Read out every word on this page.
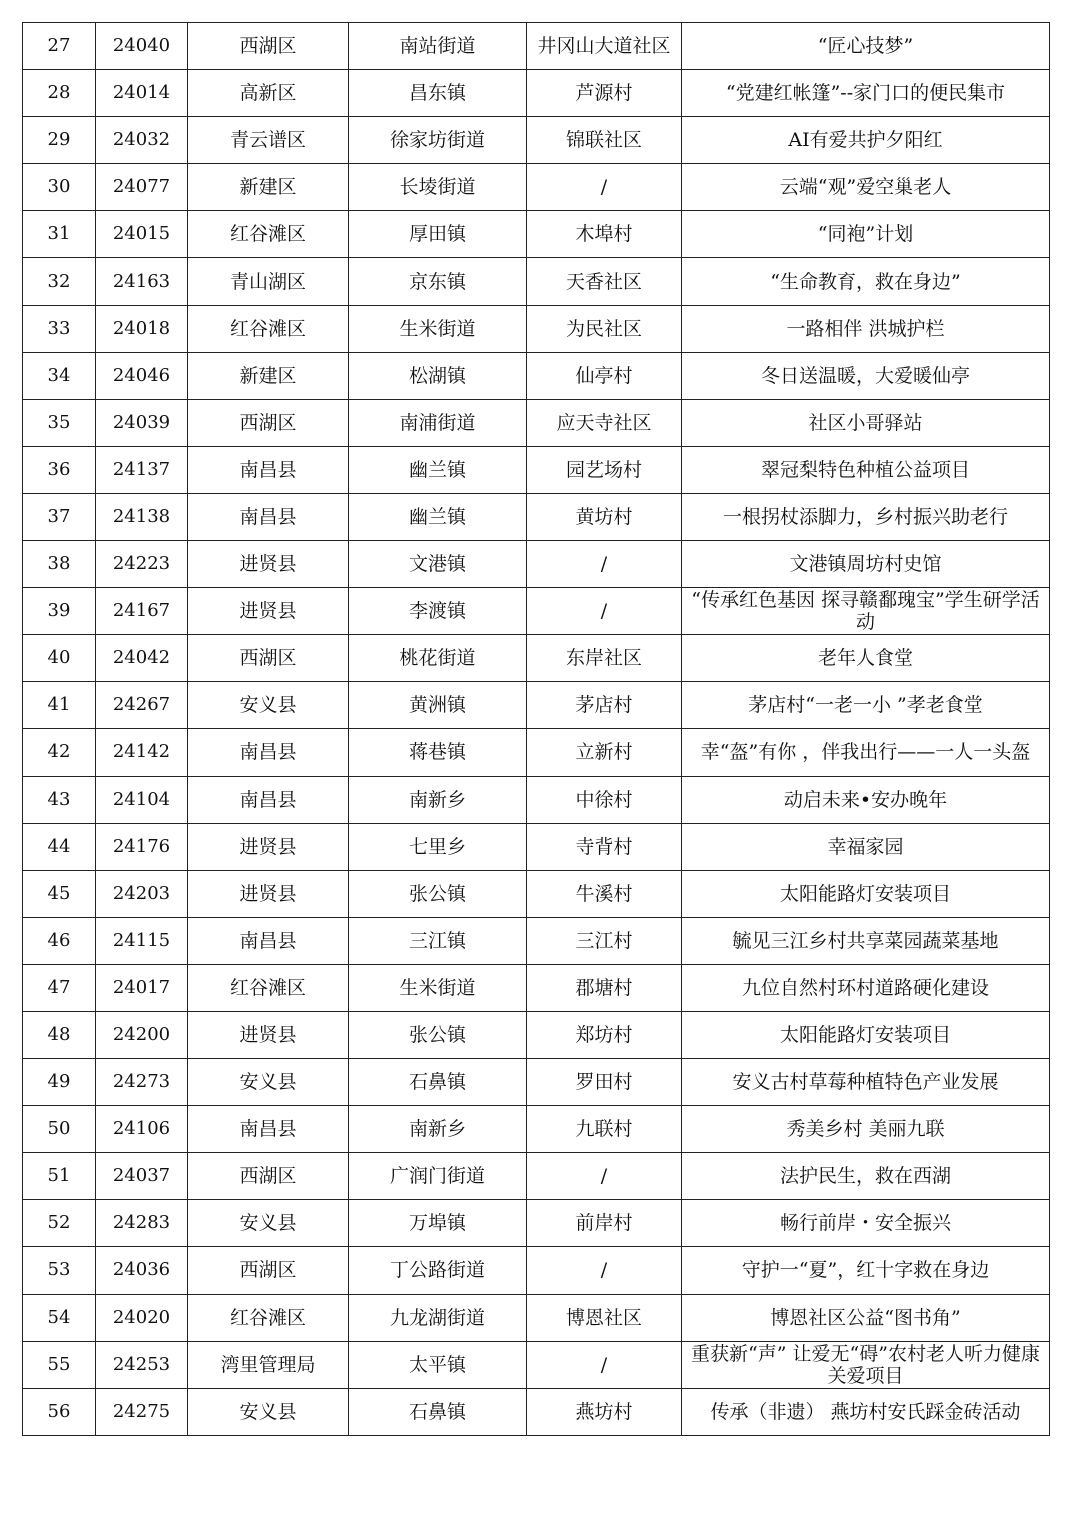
27	24040	西湖区	南站街道	井冈山大道社区	“匠心技梦”
28	24014	高新区	昌东镇	芦源村	“党建红帐篷”--家门口的便民集市
29	24032	青云谱区	徐家坊街道	锦联社区	AI有爱共护夕阳红
30	24077	新建区	长堎街道	/	云端“观”爱空巢老人
31	24015	红谷滩区	厚田镇	木埠村	“同袍”计划
32	24163	青山湖区	京东镇	天香社区	“生命教育，救在身边”
33	24018	红谷滩区	生米街道	为民社区	一路相伴 洪城护栏
34	24046	新建区	松湖镇	仙亭村	冬日送温暖，大爱暖仙亭
35	24039	西湖区	南浦街道	应天寺社区	社区小哥驿站
36	24137	南昌县	幽兰镇	园艺场村	翠冠梨特色种植公益项目
37	24138	南昌县	幽兰镇	黄坊村	一根拐杖添脚力，乡村振兴助老行
38	24223	进贤县	文港镇	/	文港镇周坊村史馆
39	24167	进贤县	李渡镇	/	“传承红色基因 探寻赣鄱瑰宝”学生研学活动
40	24042	西湖区	桃花街道	东岸社区	老年人食堂
41	24267	安义县	黄洲镇	茅店村	茅店村“一老一小 ”孝老食堂
42	24142	南昌县	蒋巷镇	立新村	幸“盔”有你 ，伴我出行——一人一头盔
43	24104	南昌县	南新乡	中徐村	动启未来•安办晚年
44	24176	进贤县	七里乡	寺背村	幸福家园
45	24203	进贤县	张公镇	牛溪村	太阳能路灯安装项目
46	24115	南昌县	三江镇	三江村	毓见三江乡村共享菜园蔬菜基地
47	24017	红谷滩区	生米街道	郡塘村	九位自然村环村道路硬化建设
48	24200	进贤县	张公镇	郑坊村	太阳能路灯安装项目
49	24273	安义县	石鼻镇	罗田村	安义古村草莓种植特色产业发展
50	24106	南昌县	南新乡	九联村	秀美乡村 美丽九联
51	24037	西湖区	广润门街道	/	法护民生，救在西湖
52	24283	安义县	万埠镇	前岸村	畅行前岸・安全振兴
53	24036	西湖区	丁公路街道	/	守护一“夏”，红十字救在身边
54	24020	红谷滩区	九龙湖街道	博恩社区	博恩社区公益“图书角”
55	24253	湾里管理局	太平镇	/	重获新“声” 让爱无“碍”农村老人听力健康关爱项目
56	24275	安义县	石鼻镇	燕坊村	传承（非遗） 燕坊村安氏踩金砖活动
